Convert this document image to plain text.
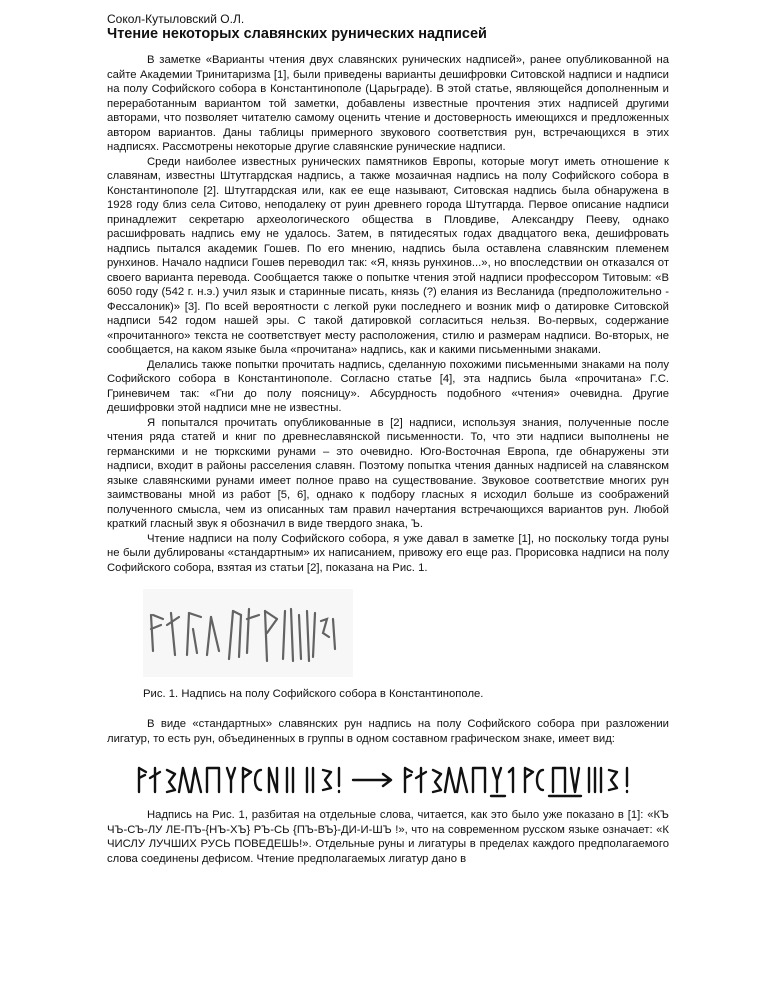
Сокол-Кутыловский О.Л.

Чтение некоторых славянских рунических надписей

В заметке «Варианты чтения двух славянских рунических надписей», ранее опубликованной на сайте Академии Тринитаризма [1], были приведены варианты дешифровки Ситовской надписи и надписи на полу Софийского собора в Константинополе (Царьграде). В этой статье, являющейся дополненным и переработанным вариантом той заметки, добавлены известные прочтения этих надписей другими авторами, что позволяет читателю самому оценить чтение и достоверность имеющихся и предложенных автором вариантов. Даны таблицы примерного звукового соответствия рун, встречающихся в этих надписях. Рассмотрены некоторые другие славянские рунические надписи.

Среди наиболее известных рунических памятников Европы, которые могут иметь отношение к славянам, известны Штутгардская надпись, а также мозаичная надпись на полу Софийского собора в Константинополе [2]. Штутгардская или, как ее еще называют, Ситовская надпись была обнаружена в 1928 году близ села Ситово, неподалеку от руин древнего города Штутгарда. Первое описание надписи принадлежит секретарю археологического общества в Пловдиве, Александру Пееву, однако расшифровать надпись ему не удалось. Затем, в пятидесятых годах двадцатого века, дешифровать надпись пытался академик Гошев. По его мнению, надпись была оставлена славянским племенем рунхинов. Начало надписи Гошев переводил так: «Я, князь рунхинов...», но впоследствии он отказался от своего варианта перевода. Сообщается также о попытке чтения этой надписи профессором Титовым: «В 6050 году (542 г. н.э.) учил язык и старинные писать, князь (?) елания из Весланида (предположительно - Фессалоник)» [3]. По всей вероятности с легкой руки последнего и возник миф о датировке Ситовской надписи 542 годом нашей эры. С такой датировкой согласиться нельзя. Во-первых, содержание «прочитанного» текста не соответствует месту расположения, стилю и размерам надписи. Во-вторых, не сообщается, на каком языке была «прочитана» надпись, как и какими письменными знаками.

Делались также попытки прочитать надпись, сделанную похожими письменными знаками на полу Софийского собора в Константинополе. Согласно статье [4], эта надпись была «прочитана» Г.С. Гриневичем так: «Гни до полу поясницу». Абсурдность подобного «чтения» очевидна. Другие дешифровки этой надписи мне не известны.

Я попытался прочитать опубликованные в [2] надписи, используя знания, полученные после чтения ряда статей и книг по древнеславянской письменности. То, что эти надписи выполнены не германскими и не тюркскими рунами – это очевидно. Юго-Восточная Европа, где обнаружены эти надписи, входит в районы расселения славян. Поэтому попытка чтения данных надписей на славянском языке славянскими рунами имеет полное право на существование. Звуковое соответствие многих рун заимствованы мной из работ [5, 6], однако к подбору гласных я исходил больше из соображений полученного смысла, чем из описанных там правил начертания встречающихся вариантов рун. Любой краткий гласный звук я обозначил в виде твердого знака, Ъ.

Чтение надписи на полу Софийского собора, я уже давал в заметке [1], но поскольку тогда руны не были дублированы «стандартным» их написанием, привожу его еще раз. Прорисовка надписи на полу Софийского собора, взятая из статьи [2], показана на Рис. 1.

Рис. 1. Надпись на полу Софийского собора в Константинополе.

В виде «стандартных» славянских рун надпись на полу Софийского собора при разложении лигатур, то есть рун, объединенных в группы в одном составном графическом знаке, имеет вид:

Надпись на Рис. 1, разбитая на отдельные слова, читается, как это было уже показано в [1]: «КЪ ЧЪ-СЪ-ЛУ ЛЕ-ПЪ-{НЪ-ХЪ} РЪ-СЬ {ПЪ-ВЪ}-ДИ-И-ШЪ !», что на современном русском языке означает: «К ЧИСЛУ ЛУЧШИХ РУСЬ ПОВЕДЕШЬ!». Отдельные руны и лигатуры в пределах каждого предполагаемого слова соединены дефисом. Чтение предполагаемых лигатур дано в
